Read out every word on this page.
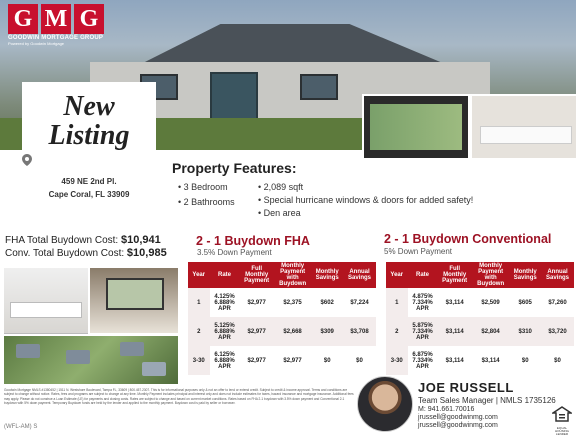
G M G
GOODWIN MORTGAGE GROUP
Powered by Goodwin Mortgage
New
Listing
459 NE 2nd Pl.
Cape Coral, FL 33909
Property Features:
• 3 Bedroom
• 2 Bathrooms
• 2,089 sqft
• Special hurricane windows & doors for added safety!
• Den area
FHA Total Buydown Cost: $10,941
Conv. Total Buydown Cost: $10,985
2 - 1 Buydown FHA
3.5% Down Payment
2 - 1 Buydown Conventional
5% Down Payment
Year	Rate	Full Monthly Payment	Monthly Payment with Buydown	Monthly Savings	Annual Savings
1	4.125% 6.888% APR	$2,977	$2,375	$602	$7,224
2	5.125% 6.888% APR	$2,977	$2,668	$309	$3,708
3-30	6.125% 6.888% APR	$2,977	$2,977	$0	$0
Year	Rate	Full Monthly Payment	Monthly Payment with Buydown	Monthly Savings	Annual Savings
1	4.875% 7.334% APR	$3,114	$2,509	$605	$7,260
2	5.875% 7.334% APR	$3,114	$2,804	$310	$3,720
3-30	6.875% 7.334% APR	$3,114	$3,114	$0	$0
Goodwin Mortgage NMLS #1380452 | 1511 N. Westshore Boulevard, Tampa FL, 33609 | 800.457.2307. This is for informational purposes only & not an offer to lend or extend credit. Subject to credit & income approval. Terms and conditions are subject to change without notice. Rates, fees and programs are subject to change at any time. Monthly Payment includes principal and interest only and does not include estimates for taxes, hazard insurance and mortgage insurance. Additional fees may apply. Please do not construe a Loan Estimate (LE) for payments and closing costs. Rates are subject to change and based on current market conditions. Rates based on FHA 2-1 buydown with 3.5% down payment and Conventional 2-1 buydown with 5% down payment. Temporary Buydown funds are held by the lender and applied to the monthly payment. Buydown cost is paid by seller or borrower.
(WFL-AM) S
JOE RUSSELL
Team Sales Manager | NMLS 1735126
M: 941.661.70016
jrussell@goodwinmg.com
jrussell@goodwinmg.com	EQUAL HOUSING LENDER
